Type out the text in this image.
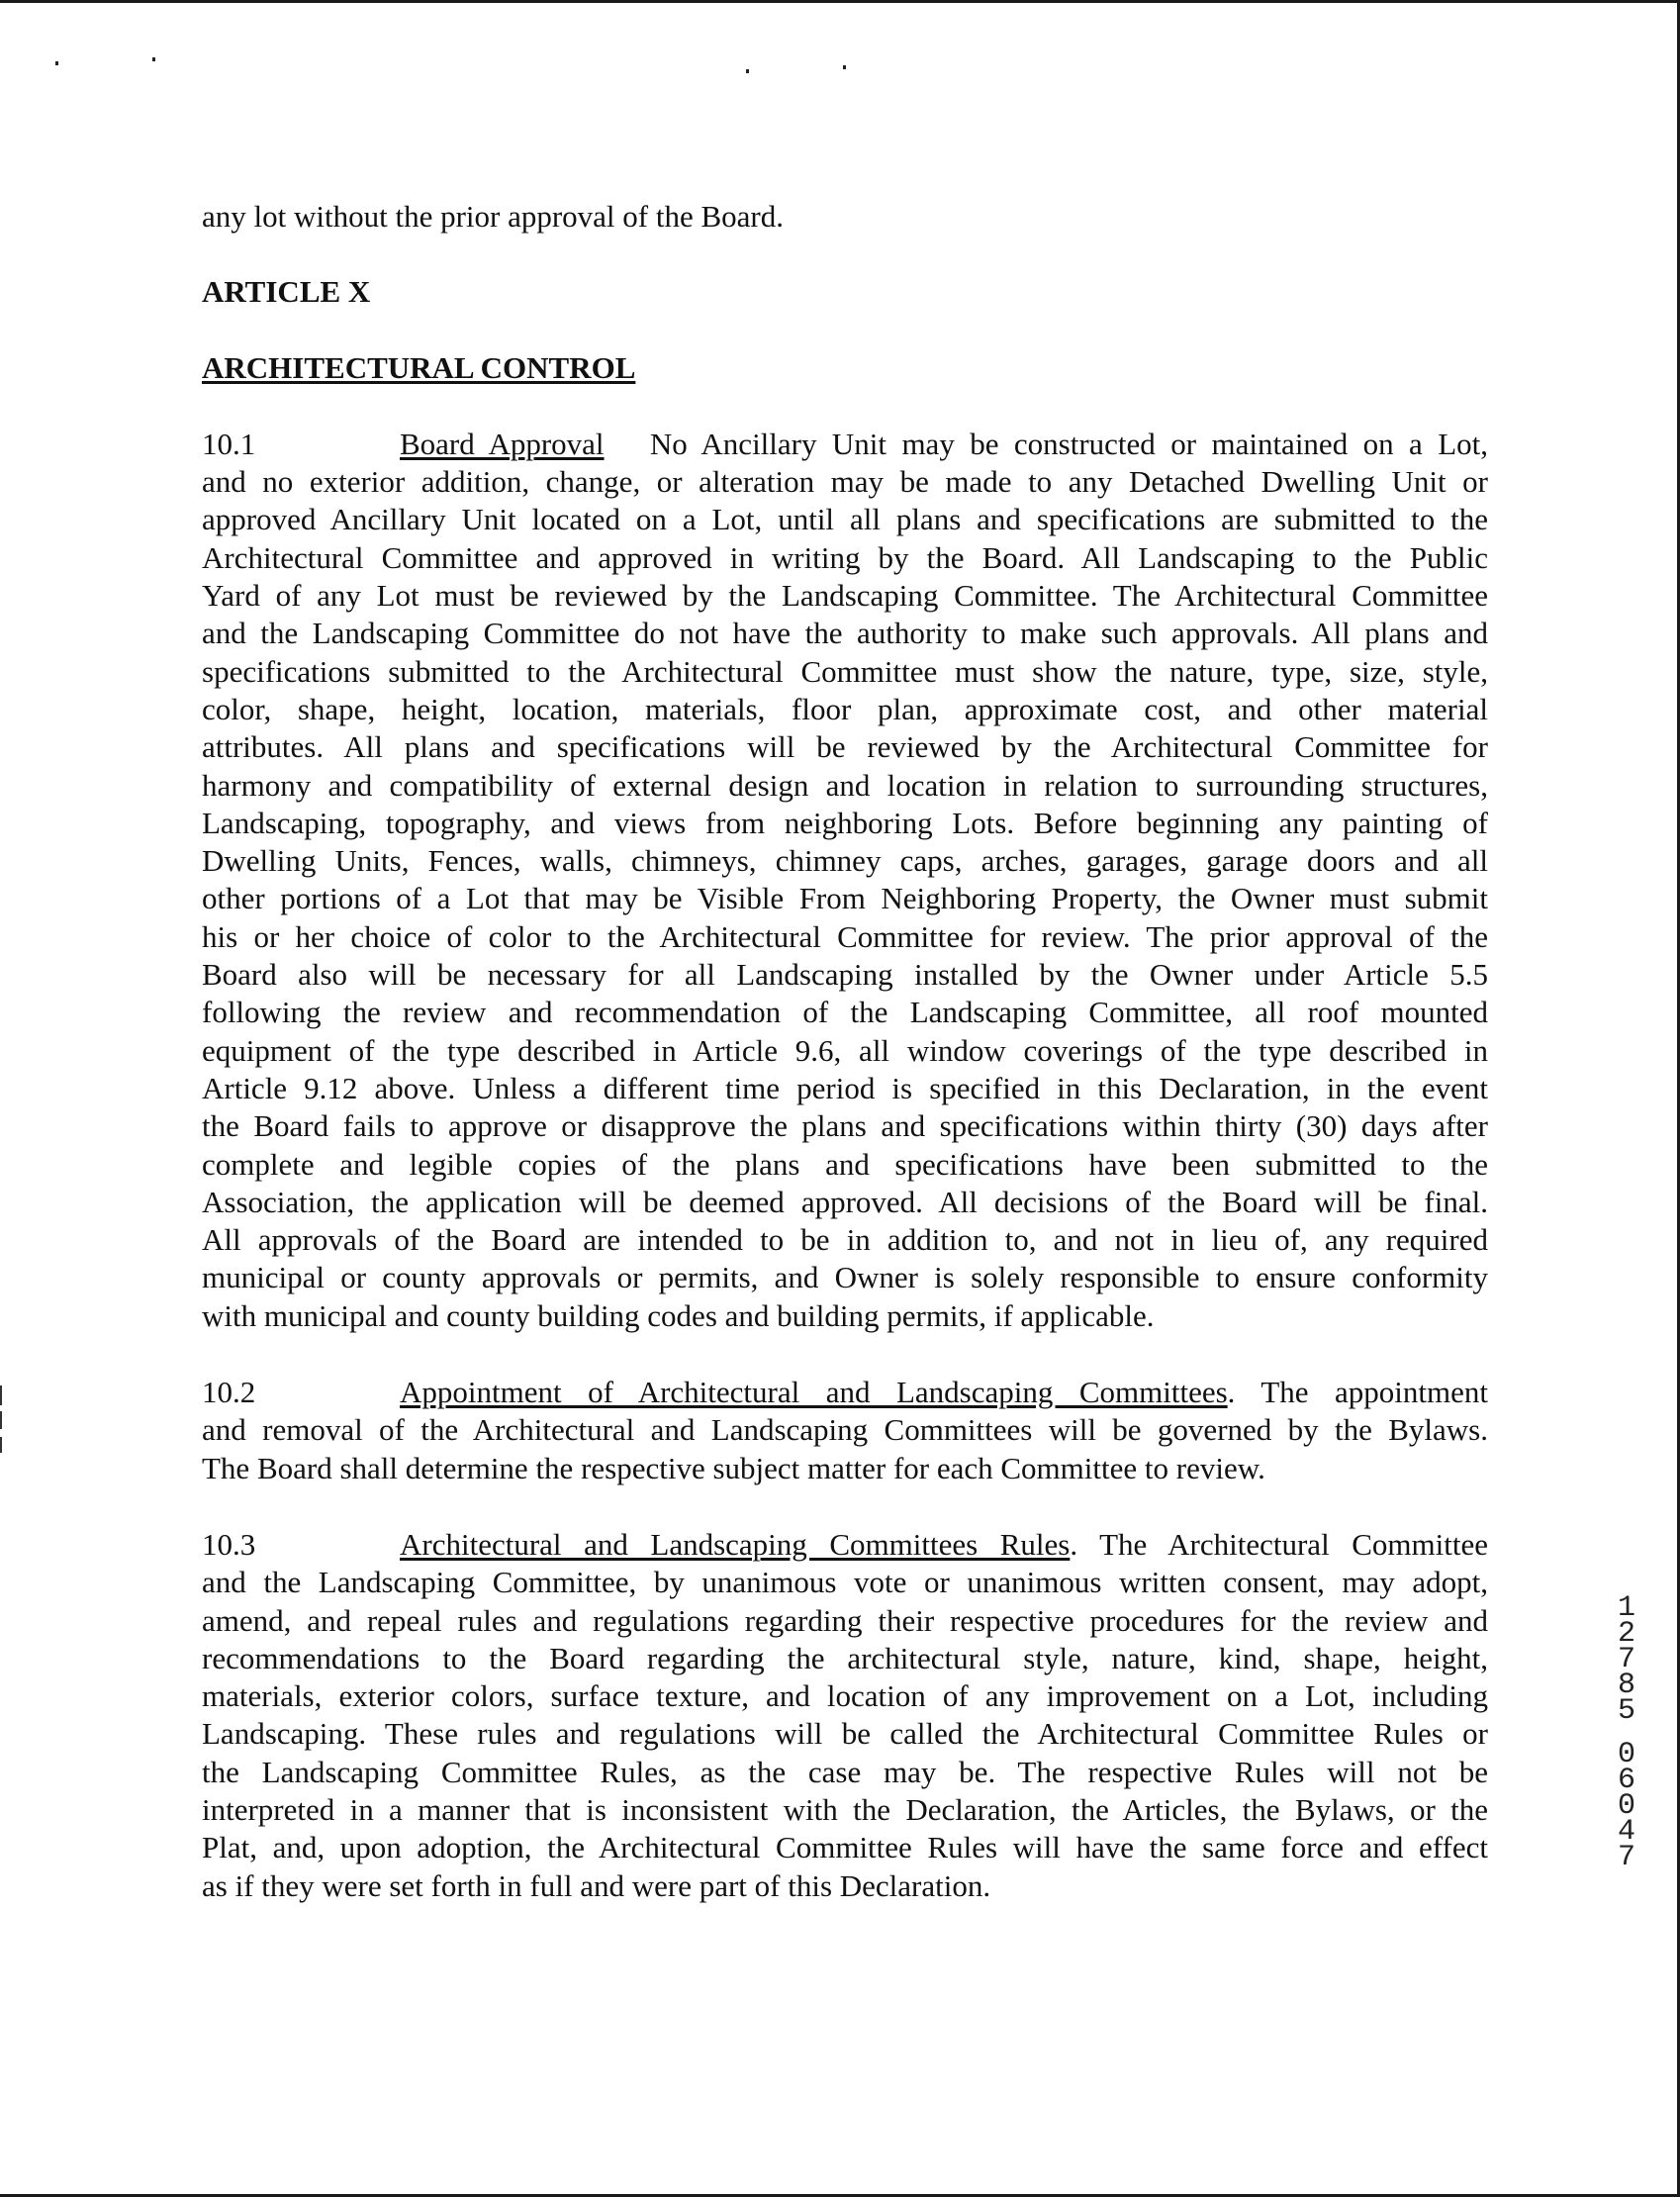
any lot without the prior approval of the Board.

ARTICLE X

ARCHITECTURAL CONTROL

10.1	Board Approval No Ancillary Unit may be constructed or maintained on a Lot,

and no exterior addition, change, or alteration may be made to any Detached Dwelling Unit or

approved Ancillary Unit located on a Lot, until all plans and specifications are submitted to the

Architectural Committee and approved in writing by the Board. All Landscaping to the Public

Yard of any Lot must be reviewed by the Landscaping Committee. The Architectural Committee

and the Landscaping Committee do not have the authority to make such approvals. All plans and

specifications submitted to the Architectural Committee must show the nature, type, size, style,

color, shape, height, location, materials, floor plan, approximate cost, and other material

attributes. All plans and specifications will be reviewed by the Architectural Committee for

harmony and compatibility of external design and location in relation to surrounding structures,

Landscaping, topography, and views from neighboring Lots. Before beginning any painting of

Dwelling Units, Fences, walls, chimneys, chimney caps, arches, garages, garage doors and all

other portions of a Lot that may be Visible From Neighboring Property, the Owner must submit

his or her choice of color to the Architectural Committee for review. The prior approval of the

Board also will be necessary for all Landscaping installed by the Owner under Article 5.5

following the review and recommendation of the Landscaping Committee, all roof mounted

equipment of the type described in Article 9.6, all window coverings of the type described in

Article 9.12 above. Unless a different time period is specified in this Declaration, in the event

the Board fails to approve or disapprove the plans and specifications within thirty (30) days after

complete and legible copies of the plans and specifications have been submitted to the

Association, the application will be deemed approved. All decisions of the Board will be final.

All approvals of the Board are intended to be in addition to, and not in lieu of, any required

municipal or county approvals or permits, and Owner is solely responsible to ensure conformity

with municipal and county building codes and building permits, if applicable.

10.2	Appointment of Architectural and Landscaping Committees. The appointment

and removal of the Architectural and Landscaping Committees will be governed by the Bylaws.

The Board shall determine the respective subject matter for each Committee to review.

10.3	Architectural and Landscaping Committees Rules. The Architectural Committee

and the Landscaping Committee, by unanimous vote or unanimous written consent, may adopt,

amend, and repeal rules and regulations regarding their respective procedures for the review and

recommendations to the Board regarding the architectural style, nature, kind, shape, height,

materials, exterior colors, surface texture, and location of any improvement on a Lot, including

Landscaping. These rules and regulations will be called the Architectural Committee Rules or

the Landscaping Committee Rules, as the case may be. The respective Rules will not be

interpreted in a manner that is inconsistent with the Declaration, the Articles, the Bylaws, or the

Plat, and, upon adoption, the Architectural Committee Rules will have the same force and effect

as if they were set forth in full and were part of this Declaration.

1
2
7
8
5
0
6
0
4
7
